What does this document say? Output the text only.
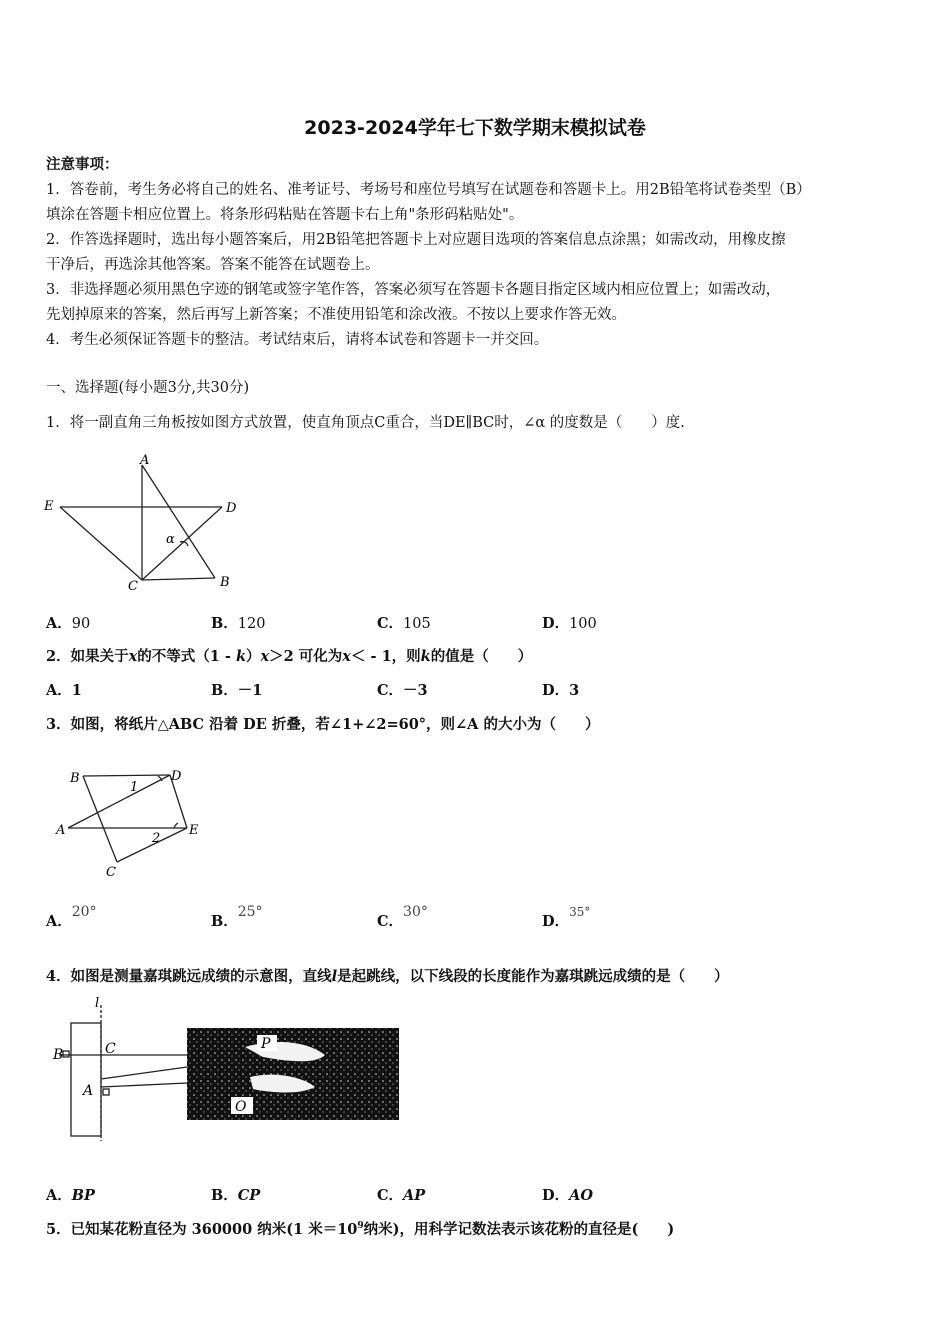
2023-2024学年七下数学期末模拟试卷
注意事项：
1．答卷前，考生务必将自己的姓名、准考证号、考场号和座位号填写在试题卷和答题卡上。用2B铅笔将试卷类型（B）
填涂在答题卡相应位置上。将条形码粘贴在答题卡右上角"条形码粘贴处"。
2．作答选择题时，选出每小题答案后，用2B铅笔把答题卡上对应题目选项的答案信息点涂黑；如需改动，用橡皮擦
干净后，再选涂其他答案。答案不能答在试题卷上。
3．非选择题必须用黑色字迹的钢笔或签字笔作答，答案必须写在答题卡各题目指定区域内相应位置上；如需改动，
先划掉原来的答案，然后再写上新答案；不准使用铅笔和涂改液。不按以上要求作答无效。
4．考生必须保证答题卡的整洁。考试结束后，请将本试卷和答题卡一并交回。
一、选择题(每小题3分,共30分)
1．将一副直角三角板按如图方式放置，使直角顶点C重合，当DE∥BC时，∠α 的度数是（　　）度.
A
E	D
C	B
α
A．90	B．120	C．105	D．100
2．如果关于x的不等式（1 - k）x＞2 可化为x＜ - 1，则k的值是（　　）
A．1	B．－1	C．－3	D．3
3．如图，将纸片△ABC 沿着 DE 折叠，若∠1+∠2=60°，则∠A 的大小为（　　）
B	D
A	E
C
1
2
A．20°
B．25°
C．30°
D．$^{35^\circ}$
4．如图是测量嘉琪跳远成绩的示意图，直线l是起跳线，以下线段的长度能作为嘉琪跳远成绩的是（　　）
l
B	C
A
P
O
A．BP	B．CP	C．AP	D．AO
5．已知某花粉直径为 360000 纳米(1 米$=10^9$纳米)，用科学记数法表示该花粉的直径是(　　)
